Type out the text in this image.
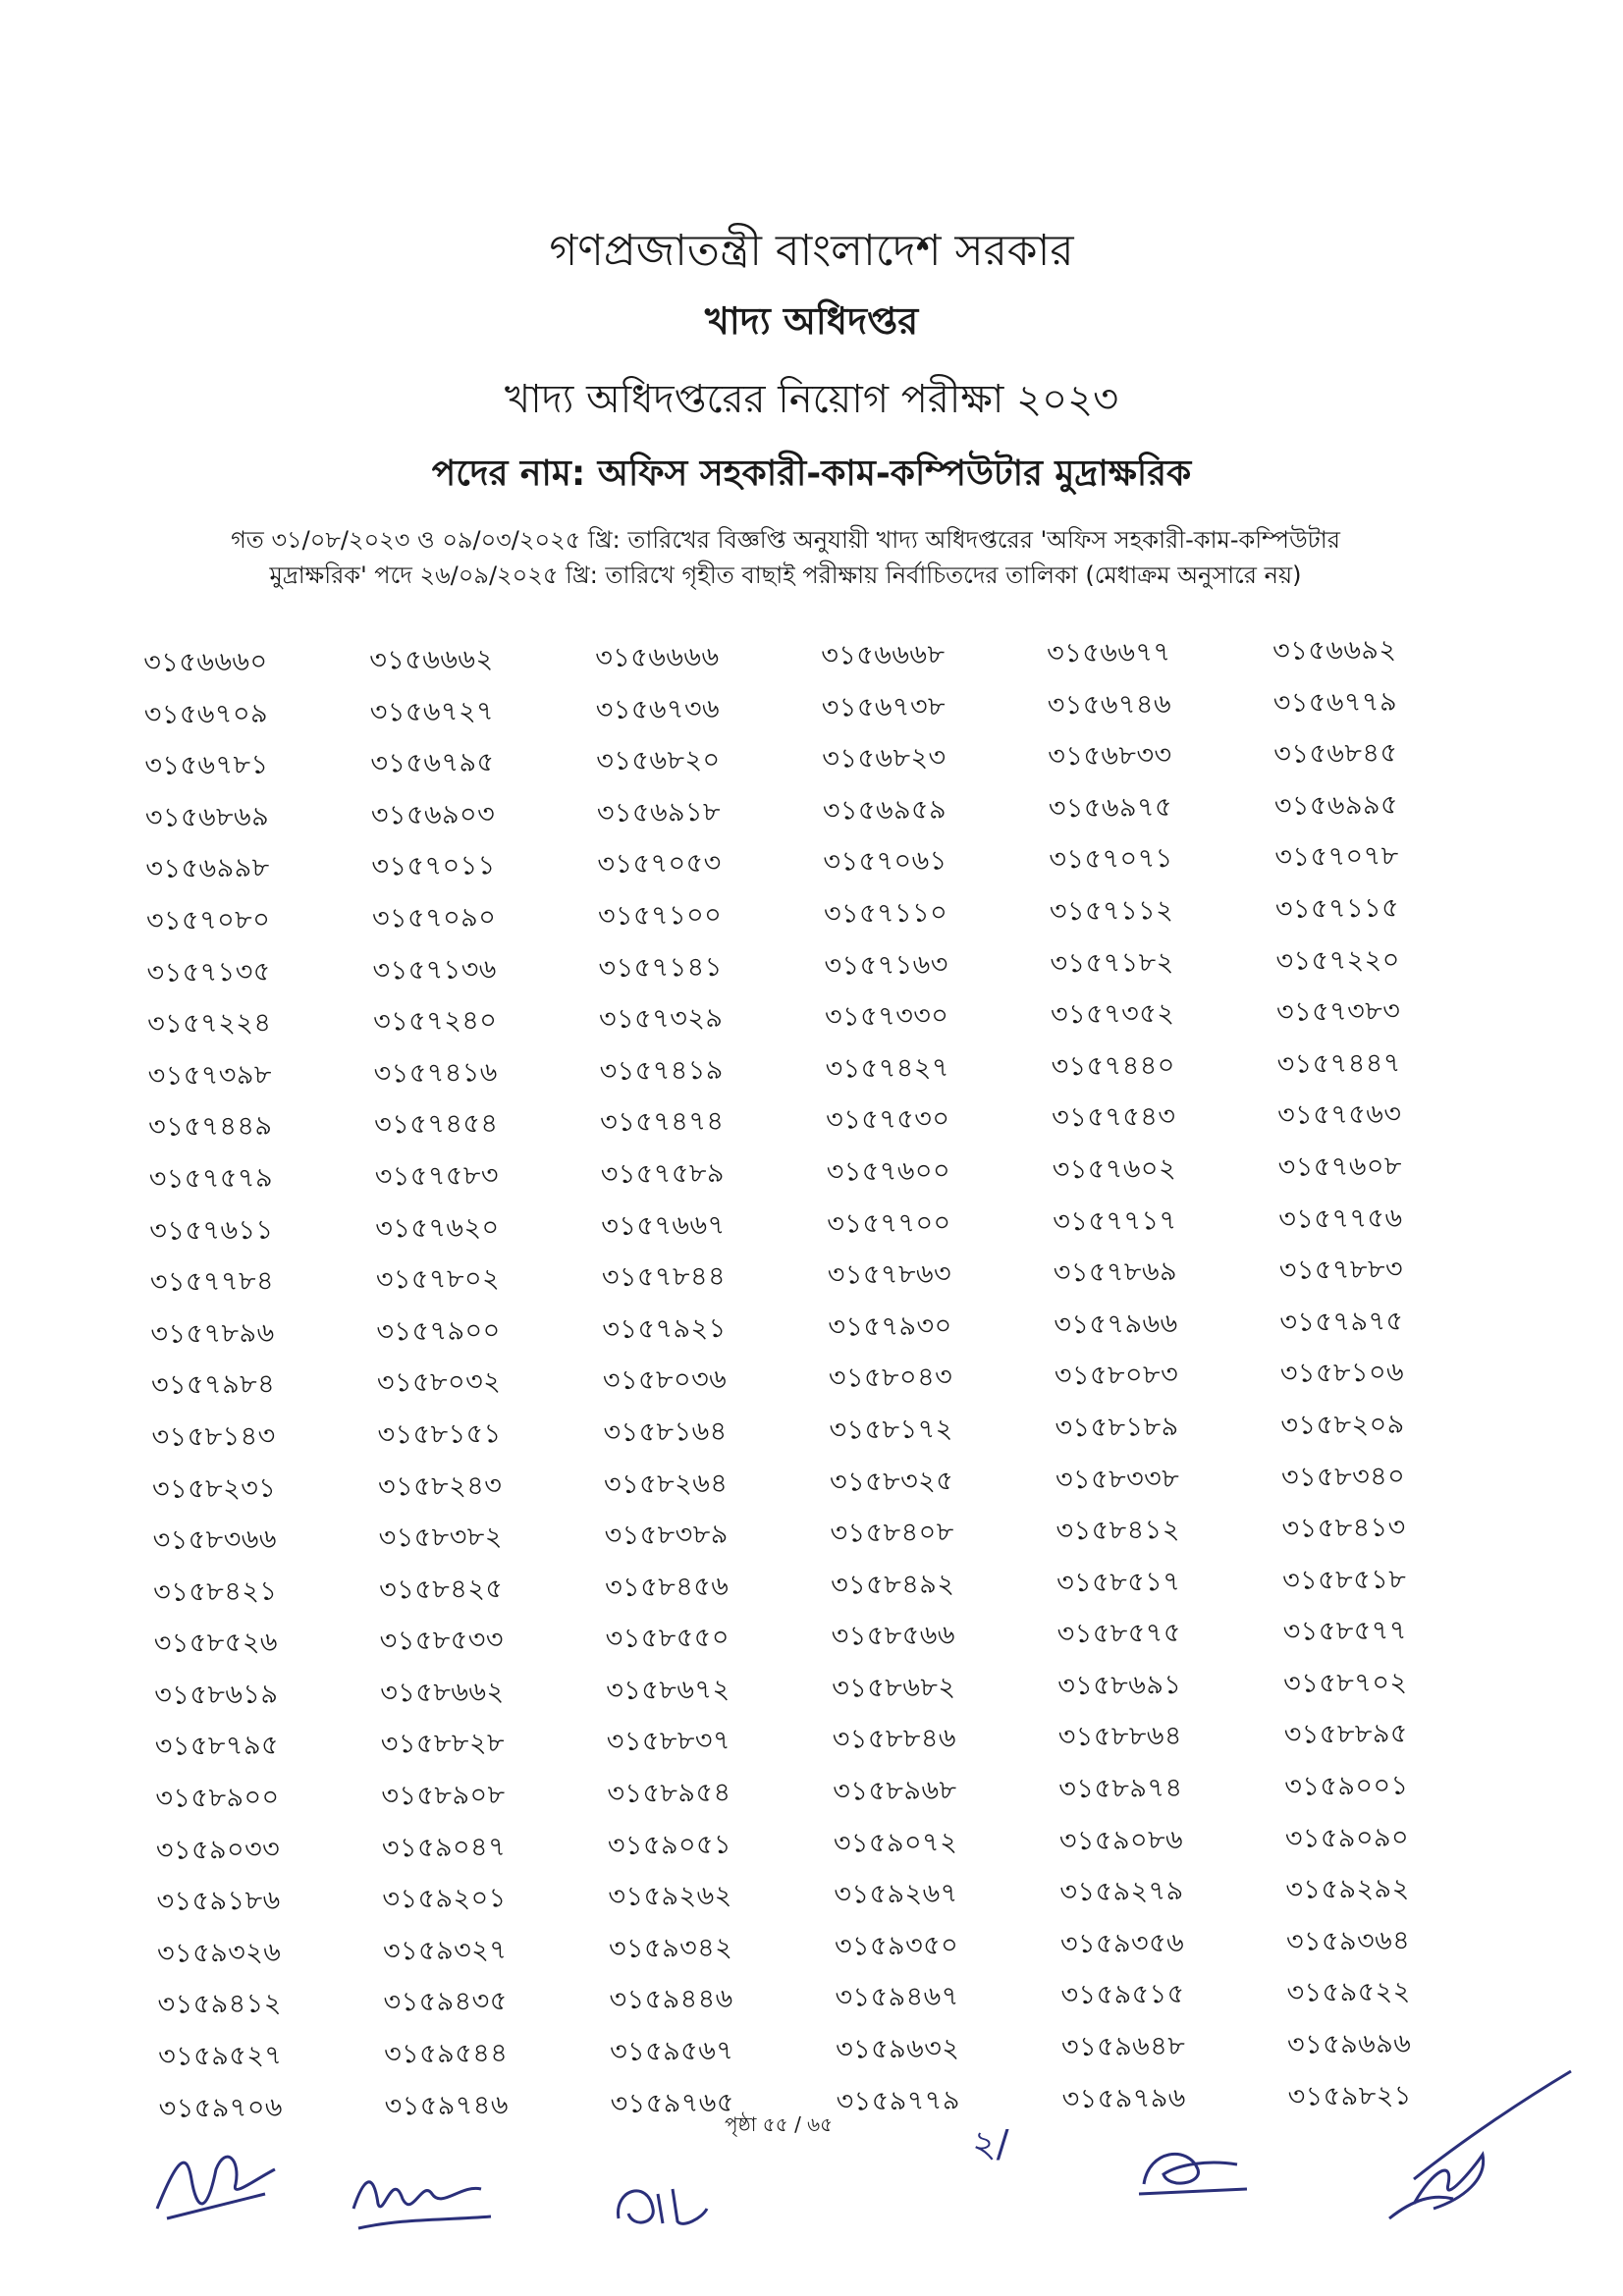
গণপ্রজাতন্ত্রী বাংলাদেশ সরকার
খাদ্য অধিদপ্তর
খাদ্য অধিদপ্তরের নিয়োগ পরীক্ষা ২০২৩
পদের নাম: অফিস সহকারী-কাম-কম্পিউটার মুদ্রাক্ষরিক
গত ৩১/০৮/২০২৩ ও ০৯/০৩/২০২৫ খ্রি: তারিখের বিজ্ঞপ্তি অনুযায়ী খাদ্য অধিদপ্তরের 'অফিস সহকারী-কাম-কম্পিউটার
মুদ্রাক্ষরিক' পদে ২৬/০৯/২০২৫ খ্রি: তারিখে গৃহীত বাছাই পরীক্ষায় নির্বাচিতদের তালিকা (মেধাক্রম অনুসারে নয়)
৩১৫৬৬৬০	৩১৫৬৬৬২	৩১৫৬৬৬৬	৩১৫৬৬৬৮	৩১৫৬৬৭৭	৩১৫৬৬৯২
৩১৫৬৭০৯	৩১৫৬৭২৭	৩১৫৬৭৩৬	৩১৫৬৭৩৮	৩১৫৬৭৪৬	৩১৫৬৭৭৯
৩১৫৬৭৮১	৩১৫৬৭৯৫	৩১৫৬৮২০	৩১৫৬৮২৩	৩১৫৬৮৩৩	৩১৫৬৮৪৫
৩১৫৬৮৬৯	৩১৫৬৯০৩	৩১৫৬৯১৮	৩১৫৬৯৫৯	৩১৫৬৯৭৫	৩১৫৬৯৯৫
৩১৫৬৯৯৮	৩১৫৭০১১	৩১৫৭০৫৩	৩১৫৭০৬১	৩১৫৭০৭১	৩১৫৭০৭৮
৩১৫৭০৮০	৩১৫৭০৯০	৩১৫৭১০০	৩১৫৭১১০	৩১৫৭১১২	৩১৫৭১১৫
৩১৫৭১৩৫	৩১৫৭১৩৬	৩১৫৭১৪১	৩১৫৭১৬৩	৩১৫৭১৮২	৩১৫৭২২০
৩১৫৭২২৪	৩১৫৭২৪০	৩১৫৭৩২৯	৩১৫৭৩৩০	৩১৫৭৩৫২	৩১৫৭৩৮৩
৩১৫৭৩৯৮	৩১৫৭৪১৬	৩১৫৭৪১৯	৩১৫৭৪২৭	৩১৫৭৪৪০	৩১৫৭৪৪৭
৩১৫৭৪৪৯	৩১৫৭৪৫৪	৩১৫৭৪৭৪	৩১৫৭৫৩০	৩১৫৭৫৪৩	৩১৫৭৫৬৩
৩১৫৭৫৭৯	৩১৫৭৫৮৩	৩১৫৭৫৮৯	৩১৫৭৬০০	৩১৫৭৬০২	৩১৫৭৬০৮
৩১৫৭৬১১	৩১৫৭৬২০	৩১৫৭৬৬৭	৩১৫৭৭০০	৩১৫৭৭১৭	৩১৫৭৭৫৬
৩১৫৭৭৮৪	৩১৫৭৮০২	৩১৫৭৮৪৪	৩১৫৭৮৬৩	৩১৫৭৮৬৯	৩১৫৭৮৮৩
৩১৫৭৮৯৬	৩১৫৭৯০০	৩১৫৭৯২১	৩১৫৭৯৩০	৩১৫৭৯৬৬	৩১৫৭৯৭৫
৩১৫৭৯৮৪	৩১৫৮০৩২	৩১৫৮০৩৬	৩১৫৮০৪৩	৩১৫৮০৮৩	৩১৫৮১০৬
৩১৫৮১৪৩	৩১৫৮১৫১	৩১৫৮১৬৪	৩১৫৮১৭২	৩১৫৮১৮৯	৩১৫৮২০৯
৩১৫৮২৩১	৩১৫৮২৪৩	৩১৫৮২৬৪	৩১৫৮৩২৫	৩১৫৮৩৩৮	৩১৫৮৩৪০
৩১৫৮৩৬৬	৩১৫৮৩৮২	৩১৫৮৩৮৯	৩১৫৮৪০৮	৩১৫৮৪১২	৩১৫৮৪১৩
৩১৫৮৪২১	৩১৫৮৪২৫	৩১৫৮৪৫৬	৩১৫৮৪৯২	৩১৫৮৫১৭	৩১৫৮৫১৮
৩১৫৮৫২৬	৩১৫৮৫৩৩	৩১৫৮৫৫০	৩১৫৮৫৬৬	৩১৫৮৫৭৫	৩১৫৮৫৭৭
৩১৫৮৬১৯	৩১৫৮৬৬২	৩১৫৮৬৭২	৩১৫৮৬৮২	৩১৫৮৬৯১	৩১৫৮৭০২
৩১৫৮৭৯৫	৩১৫৮৮২৮	৩১৫৮৮৩৭	৩১৫৮৮৪৬	৩১৫৮৮৬৪	৩১৫৮৮৯৫
৩১৫৮৯০০	৩১৫৮৯০৮	৩১৫৮৯৫৪	৩১৫৮৯৬৮	৩১৫৮৯৭৪	৩১৫৯০০১
৩১৫৯০৩৩	৩১৫৯০৪৭	৩১৫৯০৫১	৩১৫৯০৭২	৩১৫৯০৮৬	৩১৫৯০৯০
৩১৫৯১৮৬	৩১৫৯২০১	৩১৫৯২৬২	৩১৫৯২৬৭	৩১৫৯২৭৯	৩১৫৯২৯২
৩১৫৯৩২৬	৩১৫৯৩২৭	৩১৫৯৩৪২	৩১৫৯৩৫০	৩১৫৯৩৫৬	৩১৫৯৩৬৪
৩১৫৯৪১২	৩১৫৯৪৩৫	৩১৫৯৪৪৬	৩১৫৯৪৬৭	৩১৫৯৫১৫	৩১৫৯৫২২
৩১৫৯৫২৭	৩১৫৯৫৪৪	৩১৫৯৫৬৭	৩১৫৯৬৩২	৩১৫৯৬৪৮	৩১৫৯৬৯৬
৩১৫৯৭০৬	৩১৫৯৭৪৬	৩১৫৯৭৬৫	৩১৫৯৭৭৯	৩১৫৯৭৯৬	৩১৫৯৮২১
পৃষ্ঠা ৫৫ / ৬৫	২/
